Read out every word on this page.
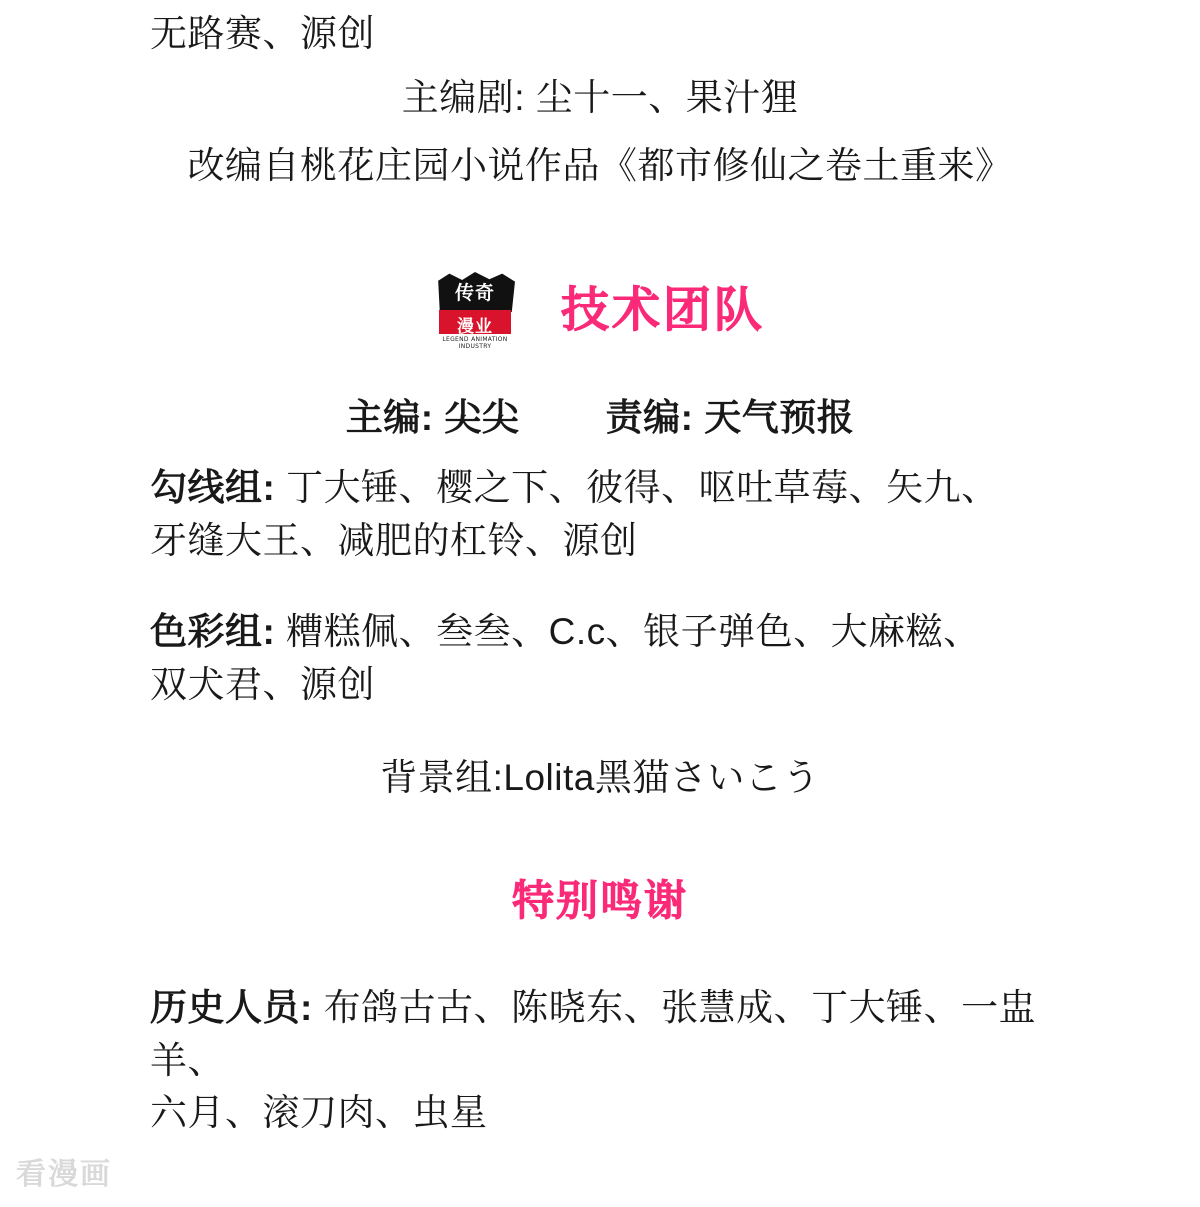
无路赛、源创
主编剧: 尘十一、果汁狸
改编自桃花庄园小说作品《都市修仙之卷土重来》
传奇
漫业
LEGEND ANIMATION INDUSTRY
技术团队
主编: 尖尖        责编: 天气预报
勾线组: 丁大锤、樱之下、彼得、呕吐草莓、矢九、
牙缝大王、减肥的杠铃、源创
色彩组: 糟糕佩、叁叁、C.c、银子弹色、大麻糍、
双犬君、源创
背景组:Lolita黑猫さいこう
特别鸣谢
历史人员: 布鸽古古、陈晓东、张慧成、丁大锤、一盅羊、
六月、滚刀肉、虫星
看漫画
